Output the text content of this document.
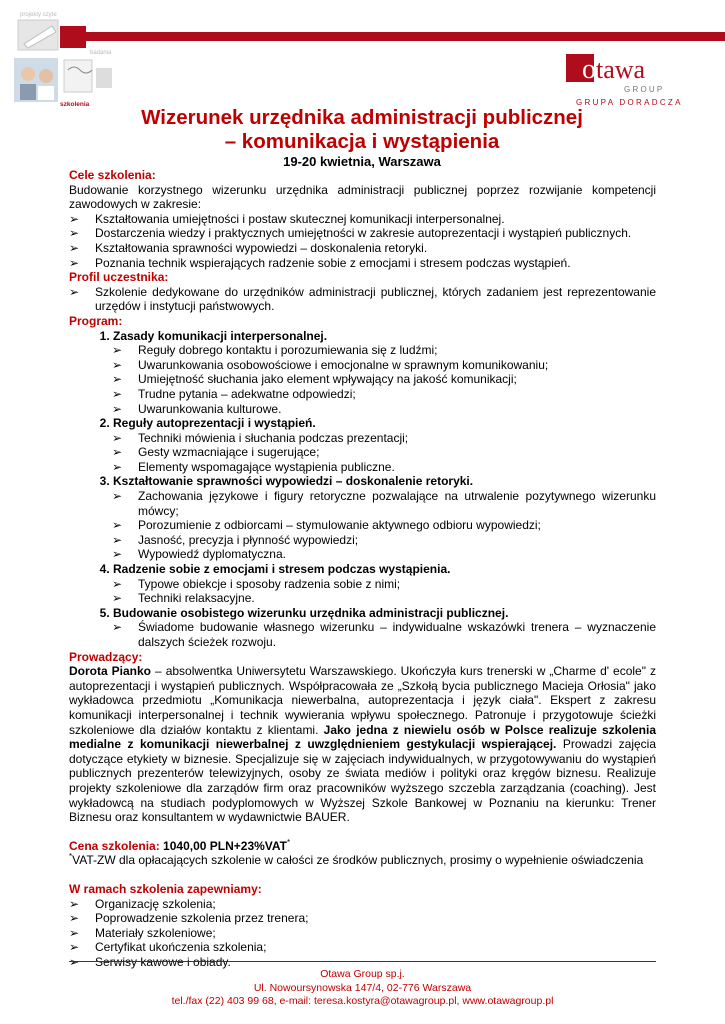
projekty szyte
badania
szkolenia
o tawa
G R O U P
GRUPA DORADCZA
Wizerunek urzędnika administracji publicznej
– komunikacja i wystąpienia
19-20 kwietnia, Warszawa
Cele szkolenia:
Budowanie korzystnego wizerunku urzędnika administracji publicznej poprzez rozwijanie kompetencji zawodowych w zakresie:
➢ Kształtowania umiejętności i postaw skutecznej komunikacji interpersonalnej.
➢ Dostarczenia wiedzy i praktycznych umiejętności w zakresie autoprezentacji i wystąpień publicznych.
➢ Kształtowania sprawności wypowiedzi – doskonalenia retoryki.
➢ Poznania technik wspierających radzenie sobie z emocjami i stresem podczas wystąpień.
Profil uczestnika:
➢ Szkolenie dedykowane do urzędników administracji publicznej, których zadaniem jest reprezentowanie urzędów i instytucji państwowych.
Program:
1. Zasady komunikacji interpersonalnej.
➢ Reguły dobrego kontaktu i porozumiewania się z ludźmi;
➢ Uwarunkowania osobowościowe i emocjonalne w sprawnym komunikowaniu;
➢ Umiejętność słuchania jako element wpływający na jakość komunikacji;
➢ Trudne pytania – adekwatne odpowiedzi;
➢ Uwarunkowania kulturowe.
2. Reguły autoprezentacji i wystąpień.
➢ Techniki mówienia i słuchania podczas prezentacji;
➢ Gesty wzmacniające i sugerujące;
➢ Elementy wspomagające wystąpienia publiczne.
3. Kształtowanie sprawności wypowiedzi – doskonalenie retoryki.
➢ Zachowania językowe i figury retoryczne pozwalające na utrwalenie pozytywnego wizerunku mówcy;
➢ Porozumienie z odbiorcami – stymulowanie aktywnego odbioru wypowiedzi;
➢ Jasność, precyzja i płynność wypowiedzi;
➢ Wypowiedź dyplomatyczna.
4. Radzenie sobie z emocjami i stresem podczas wystąpienia.
➢ Typowe obiekcje i sposoby radzenia sobie z nimi;
➢ Techniki relaksacyjne.
5. Budowanie osobistego wizerunku urzędnika administracji publicznej.
➢ Świadome budowanie własnego wizerunku – indywidualne wskazówki trenera – wyznaczenie dalszych ścieżek rozwoju.
Prowadzący:
Dorota Pianko – absolwentka Uniwersytetu Warszawskiego. Ukończyła kurs trenerski w „Charme d' ecole" z autoprezentacji i wystąpień publicznych. Współpracowała ze „Szkołą bycia publicznego Macieja Orłosia" jako wykładowca przedmiotu „Komunikacja niewerbalna, autoprezentacja i język ciała". Ekspert z zakresu komunikacji interpersonalnej i technik wywierania wpływu społecznego. Patronuje i przygotowuje ścieżki szkoleniowe dla działów kontaktu z klientami. Jako jedna z niewielu osób w Polsce realizuje szkolenia medialne z komunikacji niewerbalnej z uwzględnieniem gestykulacji wspierającej. Prowadzi zajęcia dotyczące etykiety w biznesie. Specjalizuje się w zajęciach indywidualnych, w przygotowywaniu do wystąpień publicznych prezenterów telewizyjnych, osoby ze świata mediów i polityki oraz kręgów biznesu. Realizuje projekty szkoleniowe dla zarządów firm oraz pracowników wyższego szczebla zarządzania (coaching). Jest wykładowcą na studiach podyplomowych w Wyższej Szkole Bankowej w Poznaniu na kierunku: Trener Biznesu oraz konsultantem w wydawnictwie BAUER.
Cena szkolenia: 1040,00 PLN+23%VAT*
*VAT-ZW dla opłacających szkolenie w całości ze środków publicznych, prosimy o wypełnienie oświadczenia
W ramach szkolenia zapewniamy:
➢ Organizację szkolenia;
➢ Poprowadzenie szkolenia przez trenera;
➢ Materiały szkoleniowe;
➢ Certyfikat ukończenia szkolenia;
➢
Otawa Group sp.j.
Ul. Nowoursynowska 147/4, 02-776 Warszawa
tel./fax (22) 403 99 68, e-mail: teresa.kostyra@otawagroup.pl, www.otawagroup.pl
